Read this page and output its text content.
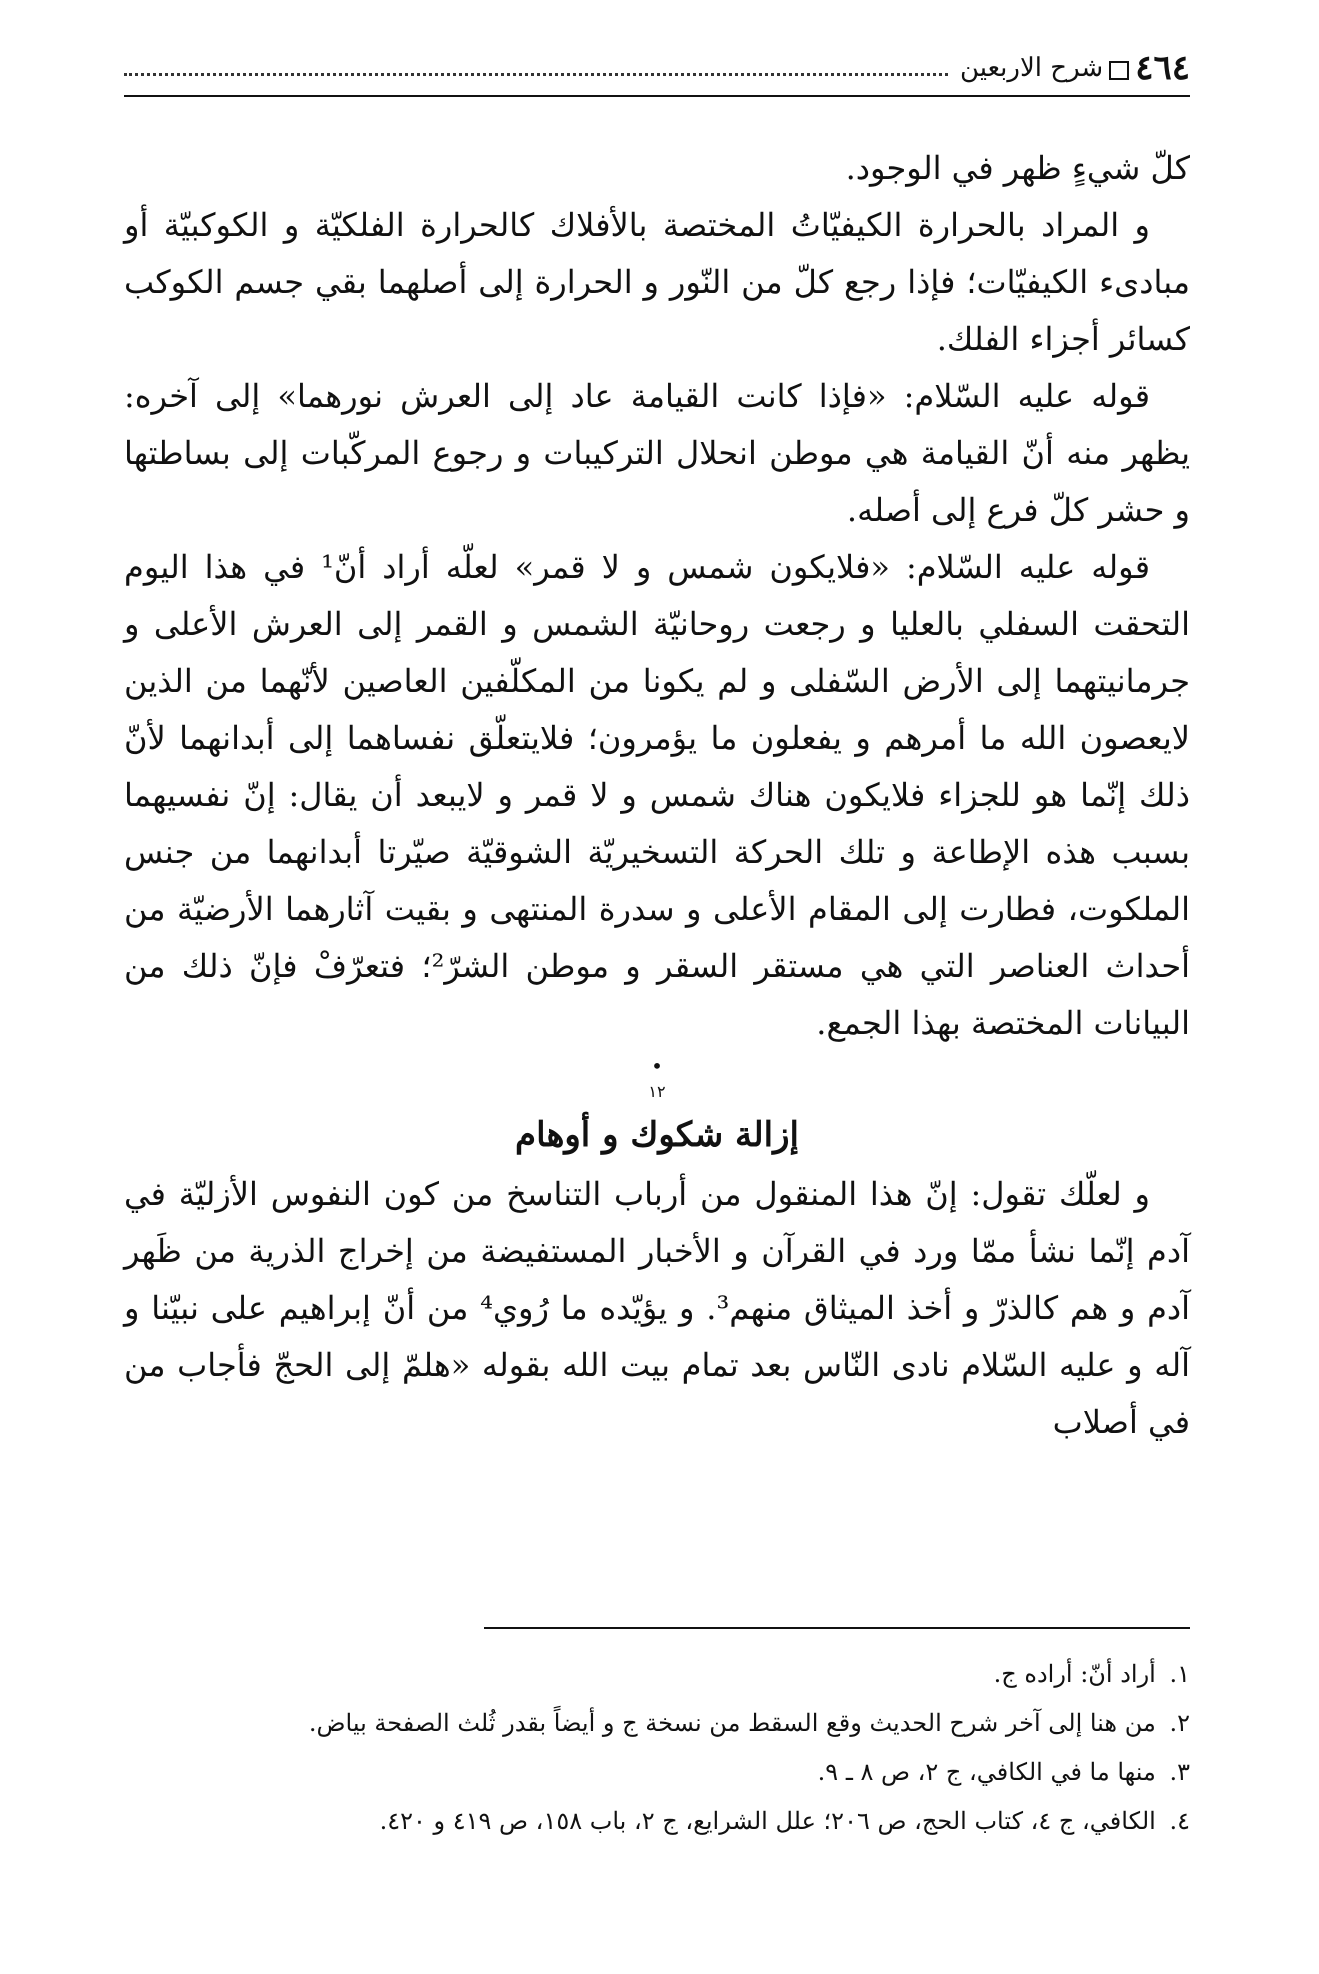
٤٦٤
شرح الاربعين

كلّ شيءٍ ظهر في الوجود.

و المراد بالحرارة الكيفيّاتُ المختصة بالأفلاك كالحرارة الفلكيّة و الكوكبيّة أو مبادىء الكيفيّات؛ فإذا رجع كلّ من النّور و الحرارة إلى أصلهما بقي جسم الكوكب كسائر أجزاء الفلك.

قوله عليه السّلام: «فإذا كانت القيامة عاد إلى العرش نورهما» إلى آخره: يظهر منه أنّ القيامة هي موطن انحلال التركيبات و رجوع المركّبات إلى بساطتها و حشر كلّ فرع إلى أصله.

قوله عليه السّلام: «فلايكون شمس و لا قمر» لعلّه أراد أنّ¹ في هذا اليوم التحقت السفلي بالعليا و رجعت روحانيّة الشمس و القمر إلى العرش الأعلى و جرمانيتهما إلى الأرض السّفلى و لم يكونا من المكلّفين العاصين لأنّهما من الذين لايعصون الله ما أمرهم و يفعلون ما يؤمرون؛ فلايتعلّق نفساهما إلى أبدانهما لأنّ ذلك إنّما هو للجزاء فلايكون هناك شمس و لا قمر و لايبعد أن يقال: إنّ نفسيهما بسبب هذه الإطاعة و تلك الحركة التسخيريّة الشوقيّة صيّرتا أبدانهما من جنس الملكوت، فطارت إلى المقام الأعلى و سدرة المنتهى و بقيت آثارهما الأرضيّة من أحداث العناصر التي هي مستقر السقر و موطن الشرّ²؛ فتعرّفْ فإنّ ذلك من البيانات المختصة بهذا الجمع.

•

١٢

إزالة شكوك و أوهام

و لعلّك تقول: إنّ هذا المنقول من أرباب التناسخ من كون النفوس الأزليّة في آدم إنّما نشأ ممّا ورد في القرآن و الأخبار المستفيضة من إخراج الذرية من ظَهر آدم و هم كالذرّ و أخذ الميثاق منهم³. و يؤيّده ما رُوي⁴ من أنّ إبراهيم على نبيّنا و آله و عليه السّلام نادى النّاس بعد تمام بيت الله بقوله «هلمّ إلى الحجّ فأجاب من في أصلاب

١. أراد أنّ: أراده ج.
٢. من هنا إلى آخر شرح الحديث وقع السقط من نسخة ج و أيضاً بقدر ثُلث الصفحة بياض.
٣. منها ما في الكافي، ج ٢، ص ٨ ـ ٩.
٤. الكافي، ج ٤، كتاب الحج، ص ٢٠٦؛ علل الشرايع، ج ٢، باب ١٥٨، ص ٤١٩ و ٤٢٠.
